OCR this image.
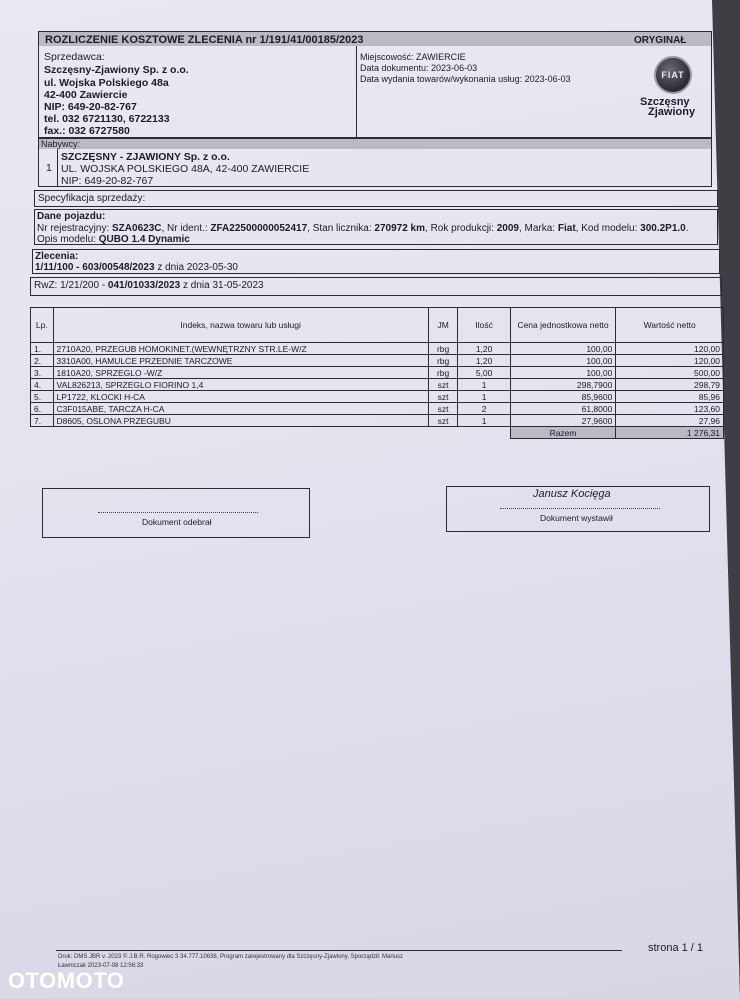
ROZLICZENIE KOSZTOWE ZLECENIA nr 1/191/41/00185/2023	ORYGINAŁ
Sprzedawca:
Szczęsny-Zjawiony Sp. z o.o.
ul. Wojska Polskiego 48a
42-400 Zawiercie
NIP: 649-20-82-767
tel. 032 6721130, 6722133
fax.: 032 6727580
Miejscowość: ZAWIERCIE
Data dokumentu: 2023-06-03
Data wydania towarów/wykonania usług: 2023-06-03	FIAT
Szczęsny
Zjawiony
Nabywcy:
1
SZCZĘSNY - ZJAWIONY Sp. z o.o.
UL. WOJSKA POLSKIEGO 48A, 42-400 ZAWIERCIE
NIP: 649-20-82-767
Specyfikacja sprzedaży:
Dane pojazdu:
Nr rejestracyjny: SZA0623C, Nr ident.: ZFA22500000052417, Stan licznika: 270972 km, Rok produkcji: 2009, Marka: Fiat, Kod modelu: 300.2P1.0.
Opis modelu: QUBO 1.4 Dynamic
Zlecenia:
1/11/100 - 603/00548/2023 z dnia 2023-05-30
RwZ: 1/21/200 - 041/01033/2023 z dnia 31-05-2023
Lp.	Indeks, nazwa towaru lub usługi	JM	Ilość	Cena jednostkowa netto	Wartość netto
1.	2710A20, PRZEGUB HOMOKINET.(WEWNĘTRZNY STR.LE-W/Z	rbg	1,20	100,00	120,00
2.	3310A00, HAMULCE PRZEDNIE TARCZOWE	rbg	1,20	100,00	120,00
3.	1810A20, SPRZEGLO -W/Z	rbg	5,00	100,00	500,00
4.	VAL826213, SPRZEGLO FIORINO 1,4	szt	1	298,7900	298,79
5.	LP1722, KLOCKI H-CA	szt	1	85,9600	85,96
6.	C3F015ABE, TARCZA H-CA	szt	2	61,8000	123,60
7.	D8605, OSLONA PRZEGUBU	szt	1	27,9600	27,96
				Razem	1 276,31
Dokument odebrał
Janusz Kocięga
Dokument wystawił
Druk: DMS JBR v. 2023 © J.B.R. Rogowiec 3 34.777.10638, Program zarejestrowany dla Szczęsny-Zjawiony, Sporządził: Mariusz
Ławniczak 2023-07-08 12:56:33
strona 1 / 1
OTOMOTO
